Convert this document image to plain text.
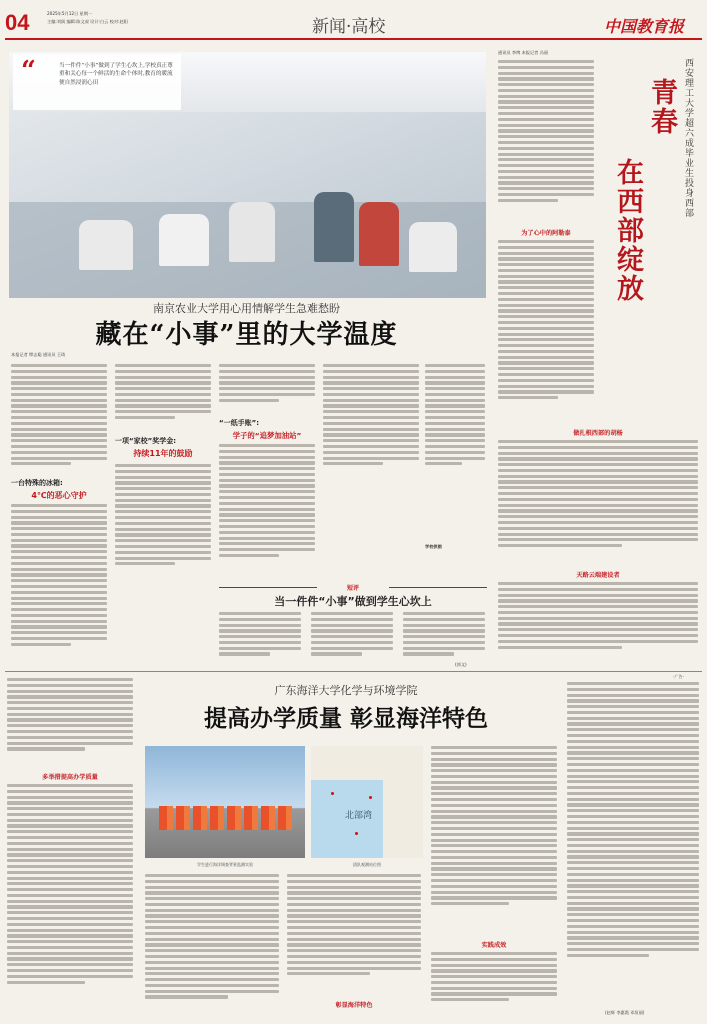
04	2025年5月12日 星期一
主编:刘阅 编辑:陈文昶 设计:白云 校对:赵阳	新闻·高校	中国教育报
“	当一件件“小事”做到了学生心坎上,学校真正尊重和关心每一个鲜活的生命个体时,教育的暖流便自然浸润心田
南京农业大学用心用情解学生急难愁盼
藏在“小事”里的大学温度
本报记者 缪志聪 通讯员 王琦
一台特殊的冰箱:
4℃的恶心守护
一项“家校”奖学金:
持续11年的鼓励
“一纸手账”:
学子的“追梦加油站”
学校供图
短评
当一件件“小事”做到学生心坎上
(郭文)
通讯员 李博 本报记者 冯丽
为了心中的阿勒泰
西安理工大学超六成毕业生投身西部
青春
在西部绽放
做扎根西部的胡杨
天路云端建设者
·广告·
多举措提高办学质量
广东海洋大学化学与环境学院
提高办学质量 彰显海洋特色
学生进行海洋调查背景监测实验
北部湾
团队观测站位图
彰显海洋特色
实践成效
(赵辉 李惠霞 邓垣丽)
